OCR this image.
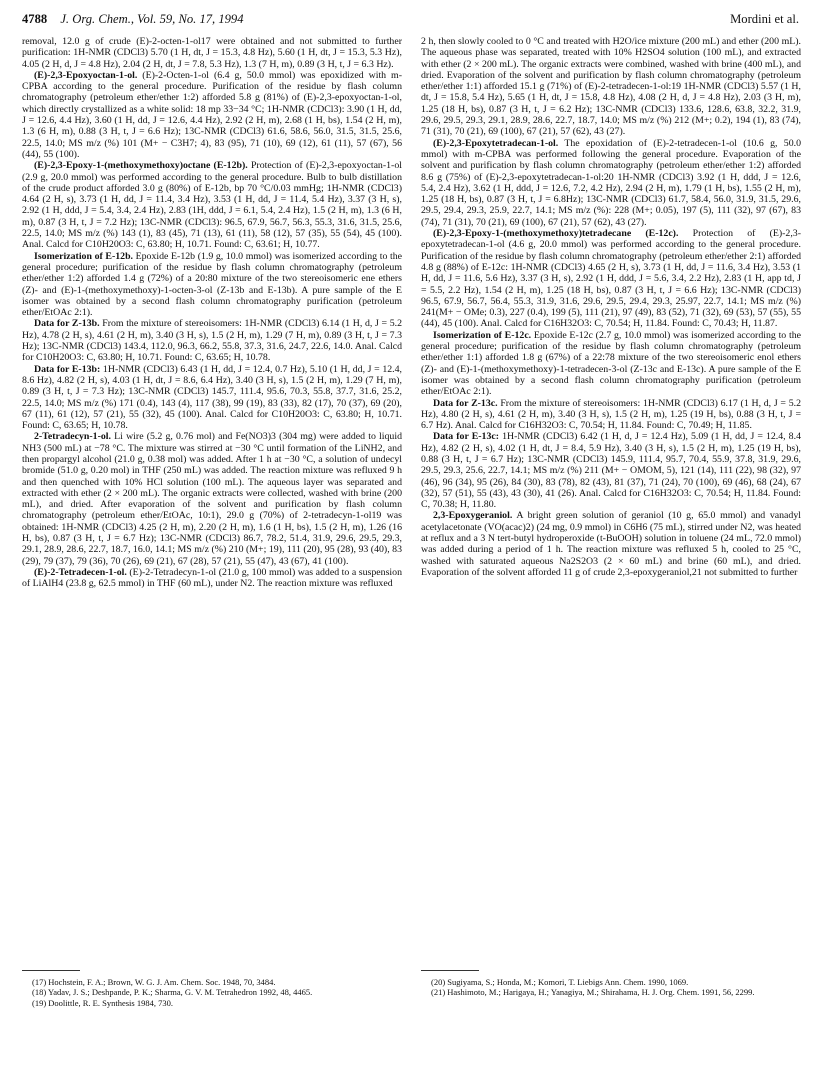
4788 J. Org. Chem., Vol. 59, No. 17, 1994	Mordini et al.

removal, 12.0 g of crude (E)-2-octen-1-ol17 were obtained and not submitted to further purification: 1H-NMR (CDCl3) 5.70 (1 H, dt, J = 15.3, 4.8 Hz), 5.60 (1 H, dt, J = 15.3, 5.3 Hz), 4.05 (2 H, d, J = 4.8 Hz), 2.04 (2 H, dt, J = 7.8, 5.3 Hz), 1.3 (7 H, m), 0.89 (3 H, t, J = 6.3 Hz).

(E)-2,3-Epoxyoctan-1-ol. (E)-2-Octen-1-ol (6.4 g, 50.0 mmol) was epoxidized with m-CPBA according to the general procedure. Purification of the residue by flash column chromatography (petroleum ether/ether 1:2) afforded 5.8 g (81%) of (E)-2,3-epoxyoctan-1-ol, which directly crystallized as a white solid: 18 mp 33−34 °C; 1H-NMR (CDCl3): 3.90 (1 H, dd, J = 12.6, 4.4 Hz), 3.60 (1 H, dd, J = 12.6, 4.4 Hz), 2.92 (2 H, m), 2.68 (1 H, bs), 1.54 (2 H, m), 1.3 (6 H, m), 0.88 (3 H, t, J = 6.6 Hz); 13C-NMR (CDCl3) 61.6, 58.6, 56.0, 31.5, 31.5, 25.6, 22.5, 14.0; MS m/z (%) 101 (M+ − C3H7; 4), 83 (95), 71 (10), 69 (12), 61 (11), 57 (67), 56 (44), 55 (100).

(E)-2,3-Epoxy-1-(methoxymethoxy)octane (E-12b). Protection of (E)-2,3-epoxyoctan-1-ol (2.9 g, 20.0 mmol) was performed according to the general procedure. Bulb to bulb distillation of the crude product afforded 3.0 g (80%) of E-12b, bp 70 °C/0.03 mmHg; 1H-NMR (CDCl3) 4.64 (2 H, s), 3.73 (1 H, dd, J = 11.4, 3.4 Hz), 3.53 (1 H, dd, J = 11.4, 5.4 Hz), 3.37 (3 H, s), 2.92 (1 H, ddd, J = 5.4, 3.4, 2.4 Hz), 2.83 (1H, ddd, J = 6.1, 5.4, 2.4 Hz), 1.5 (2 H, m), 1.3 (6 H, m), 0.87 (3 H, t, J = 7.2 Hz); 13C-NMR (CDCl3): 96.5, 67.9, 56.7, 56.3, 55.3, 31.6, 31.5, 25.6, 22.5, 14.0; MS m/z (%) 143 (1), 83 (45), 71 (13), 61 (11), 58 (12), 57 (35), 55 (54), 45 (100). Anal. Calcd for C10H20O3: C, 63.80; H, 10.71. Found: C, 63.61; H, 10.77.

Isomerization of E-12b. Epoxide E-12b (1.9 g, 10.0 mmol) was isomerized according to the general procedure; purification of the residue by flash column chromatography (petroleum ether/ether 1:2) afforded 1.4 g (72%) of a 20:80 mixture of the two stereoisomeric ene ethers (Z)- and (E)-1-(methoxymethoxy)-1-octen-3-ol (Z-13b and E-13b). A pure sample of the E isomer was obtained by a second flash column chromatography purification (petroleum ether/EtOAc 2:1).

Data for Z-13b. From the mixture of stereoisomers: 1H-NMR (CDCl3) 6.14 (1 H, d, J = 5.2 Hz), 4.78 (2 H, s), 4.61 (2 H, m), 3.40 (3 H, s), 1.5 (2 H, m), 1.29 (7 H, m), 0.89 (3 H, t, J = 7.3 Hz); 13C-NMR (CDCl3) 143.4, 112.0, 96.3, 66.2, 55.8, 37.3, 31.6, 24.7, 22.6, 14.0. Anal. Calcd for C10H20O3: C, 63.80; H, 10.71. Found: C, 63.65; H, 10.78.

Data for E-13b: 1H-NMR (CDCl3) 6.43 (1 H, dd, J = 12.4, 0.7 Hz), 5.10 (1 H, dd, J = 12.4, 8.6 Hz), 4.82 (2 H, s), 4.03 (1 H, dt, J = 8.6, 6.4 Hz), 3.40 (3 H, s), 1.5 (2 H, m), 1.29 (7 H, m), 0.89 (3 H, t, J = 7.3 Hz); 13C-NMR (CDCl3) 145.7, 111.4, 95.6, 70.3, 55.8, 37.7, 31.6, 25.2, 22.5, 14.0; MS m/z (%) 171 (0.4), 143 (4), 117 (38), 99 (19), 83 (33), 82 (17), 70 (37), 69 (20), 67 (11), 61 (12), 57 (21), 55 (32), 45 (100). Anal. Calcd for C10H20O3: C, 63.80; H, 10.71. Found: C, 63.65; H, 10.78.

2-Tetradecyn-1-ol. Li wire (5.2 g, 0.76 mol) and Fe(NO3)3 (304 mg) were added to liquid NH3 (500 mL) at −78 °C. The mixture was stirred at −30 °C until formation of the LiNH2, and then propargyl alcohol (21.0 g, 0.38 mol) was added. After 1 h at −30 °C, a solution of undecyl bromide (51.0 g, 0.20 mol) in THF (250 mL) was added. The reaction mixture was refluxed 9 h and then quenched with 10% HCl solution (100 mL). The aqueous layer was separated and extracted with ether (2 × 200 mL). The organic extracts were collected, washed with brine (200 mL), and dried. After evaporation of the solvent and purification by flash column chromatography (petroleum ether/EtOAc, 10:1), 29.0 g (70%) of 2-tetradecyn-1-ol19 was obtained: 1H-NMR (CDCl3) 4.25 (2 H, m), 2.20 (2 H, m), 1.6 (1 H, bs), 1.5 (2 H, m), 1.26 (16 H, bs), 0.87 (3 H, t, J = 6.7 Hz); 13C-NMR (CDCl3) 86.7, 78.2, 51.4, 31.9, 29.6, 29.5, 29.3, 29.1, 28.9, 28.6, 22.7, 18.7, 16.0, 14.1; MS m/z (%) 210 (M+; 19), 111 (20), 95 (28), 93 (40), 83 (29), 79 (37), 79 (36), 70 (26), 69 (21), 67 (28), 57 (21), 55 (47), 43 (67), 41 (100).

(E)-2-Tetradecen-1-ol. (E)-2-Tetradecyn-1-ol (21.0 g, 100 mmol) was added to a suspension of LiAlH4 (23.8 g, 62.5 mmol) in THF (60 mL), under N2. The reaction mixture was refluxed

2 h, then slowly cooled to 0 °C and treated with H2O/ice mixture (200 mL) and ether (200 mL). The aqueous phase was separated, treated with 10% H2SO4 solution (100 mL), and extracted with ether (2 × 200 mL). The organic extracts were combined, washed with brine (400 mL), and dried. Evaporation of the solvent and purification by flash column chromatography (petroleum ether/ether 1:1) afforded 15.1 g (71%) of (E)-2-tetradecen-1-ol:19 1H-NMR (CDCl3) 5.57 (1 H, dt, J = 15.8, 5.4 Hz), 5.65 (1 H, dt, J = 15.8, 4.8 Hz), 4.08 (2 H, d, J = 4.8 Hz), 2.03 (3 H, m), 1.25 (18 H, bs), 0.87 (3 H, t, J = 6.2 Hz); 13C-NMR (CDCl3) 133.6, 128.6, 63.8, 32.2, 31.9, 29.6, 29.5, 29.3, 29.1, 28.9, 28.6, 22.7, 18.7, 14.0; MS m/z (%) 212 (M+; 0.2), 194 (1), 83 (74), 71 (31), 70 (21), 69 (100), 67 (21), 57 (62), 43 (27).

(E)-2,3-Epoxytetradecan-1-ol. The epoxidation of (E)-2-tetradecen-1-ol (10.6 g, 50.0 mmol) with m-CPBA was performed following the general procedure. Evaporation of the solvent and purification by flash column chromatography (petroleum ether/ether 1:2) afforded 8.6 g (75%) of (E)-2,3-epoxytetradecan-1-ol:20 1H-NMR (CDCl3) 3.92 (1 H, ddd, J = 12.6, 5.4, 2.4 Hz), 3.62 (1 H, ddd, J = 12.6, 7.2, 4.2 Hz), 2.94 (2 H, m), 1.79 (1 H, bs), 1.55 (2 H, m), 1.25 (18 H, bs), 0.87 (3 H, t, J = 6.8Hz); 13C-NMR (CDCl3) 61.7, 58.4, 56.0, 31.9, 31.5, 29.6, 29.5, 29.4, 29.3, 25.9, 22.7, 14.1; MS m/z (%): 228 (M+; 0.05), 197 (5), 111 (32), 97 (67), 83 (74), 71 (31), 70 (21), 69 (100), 67 (21), 57 (62), 43 (27).

(E)-2,3-Epoxy-1-(methoxymethoxy)tetradecane (E-12c). Protection of (E)-2,3-epoxytetradecan-1-ol (4.6 g, 20.0 mmol) was performed according to the general procedure. Purification of the residue by flash column chromatography (petroleum ether/ether 2:1) afforded 4.8 g (88%) of E-12c: 1H-NMR (CDCl3) 4.65 (2 H, s), 3.73 (1 H, dd, J = 11.6, 3.4 Hz), 3.53 (1 H, dd, J = 11.6, 5.6 Hz), 3.37 (3 H, s), 2.92 (1 H, ddd, J = 5.6, 3.4, 2.2 Hz), 2.83 (1 H, app td, J = 5.5, 2.2 Hz), 1.54 (2 H, m), 1.25 (18 H, bs), 0.87 (3 H, t, J = 6.6 Hz); 13C-NMR (CDCl3) 96.5, 67.9, 56.7, 56.4, 55.3, 31.9, 31.6, 29.6, 29.5, 29.4, 29.3, 25.97, 22.7, 14.1; MS m/z (%) 241(M+ − OMe; 0.3), 227 (0.4), 199 (5), 111 (21), 97 (49), 83 (52), 71 (32), 69 (53), 57 (55), 55 (44), 45 (100). Anal. Calcd for C16H32O3: C, 70.54; H, 11.84. Found: C, 70.43; H, 11.87.

Isomerization of E-12c. Epoxide E-12c (2.7 g, 10.0 mmol) was isomerized according to the general procedure; purification of the residue by flash column chromatography (petroleum ether/ether 1:1) afforded 1.8 g (67%) of a 22:78 mixture of the two stereoisomeric enol ethers (Z)- and (E)-1-(methoxymethoxy)-1-tetradecen-3-ol (Z-13c and E-13c). A pure sample of the E isomer was obtained by a second flash column chromatography purification (petroleum ether/EtOAc 2:1).

Data for Z-13c. From the mixture of stereoisomers: 1H-NMR (CDCl3) 6.17 (1 H, d, J = 5.2 Hz), 4.80 (2 H, s), 4.61 (2 H, m), 3.40 (3 H, s), 1.5 (2 H, m), 1.25 (19 H, bs), 0.88 (3 H, t, J = 6.7 Hz). Anal. Calcd for C16H32O3: C, 70.54; H, 11.84. Found: C, 70.49; H, 11.85.

Data for E-13c: 1H-NMR (CDCl3) 6.42 (1 H, d, J = 12.4 Hz), 5.09 (1 H, dd, J = 12.4, 8.4 Hz), 4.82 (2 H, s), 4.02 (1 H, dt, J = 8.4, 5.9 Hz), 3.40 (3 H, s), 1.5 (2 H, m), 1.25 (19 H, bs), 0.88 (3 H, t, J = 6.7 Hz); 13C-NMR (CDCl3) 145.9, 111.4, 95.7, 70.4, 55.9, 37.8, 31.9, 29.6, 29.5, 29.3, 25.6, 22.7, 14.1; MS m/z (%) 211 (M+ − OMOM, 5), 121 (14), 111 (22), 98 (32), 97 (46), 96 (34), 95 (26), 84 (30), 83 (78), 82 (43), 81 (37), 71 (24), 70 (100), 69 (46), 68 (24), 67 (32), 57 (51), 55 (43), 43 (30), 41 (26). Anal. Calcd for C16H32O3: C, 70.54; H, 11.84. Found: C, 70.38; H, 11.80.

2,3-Epoxygeraniol. A bright green solution of geraniol (10 g, 65.0 mmol) and vanadyl acetylacetonate (VO(acac)2) (24 mg, 0.9 mmol) in C6H6 (75 mL), stirred under N2, was heated at reflux and a 3 N tert-butyl hydroperoxide (t-BuOOH) solution in toluene (24 mL, 72.0 mmol) was added during a period of 1 h. The reaction mixture was refluxed 5 h, cooled to 25 °C, washed with saturated aqueous Na2S2O3 (2 × 60 mL) and brine (60 mL), and dried. Evaporation of the solvent afforded 11 g of crude 2,3-epoxygeraniol,21 not submitted to further

(17) Hochstein, F. A.; Brown, W. G. J. Am. Chem. Soc. 1948, 70, 3484.
(18) Yadav, J. S.; Deshpande, P. K.; Sharma, G. V. M. Tetrahedron 1992, 48, 4465.
(19) Doolittle, R. E. Synthesis 1984, 730.
(20) Sugiyama, S.; Honda, M.; Komori, T. Liebigs Ann. Chem. 1990, 1069.
(21) Hashimoto, M.; Harigaya, H.; Yanagiya, M.; Shirahama, H. J. Org. Chem. 1991, 56, 2299.
